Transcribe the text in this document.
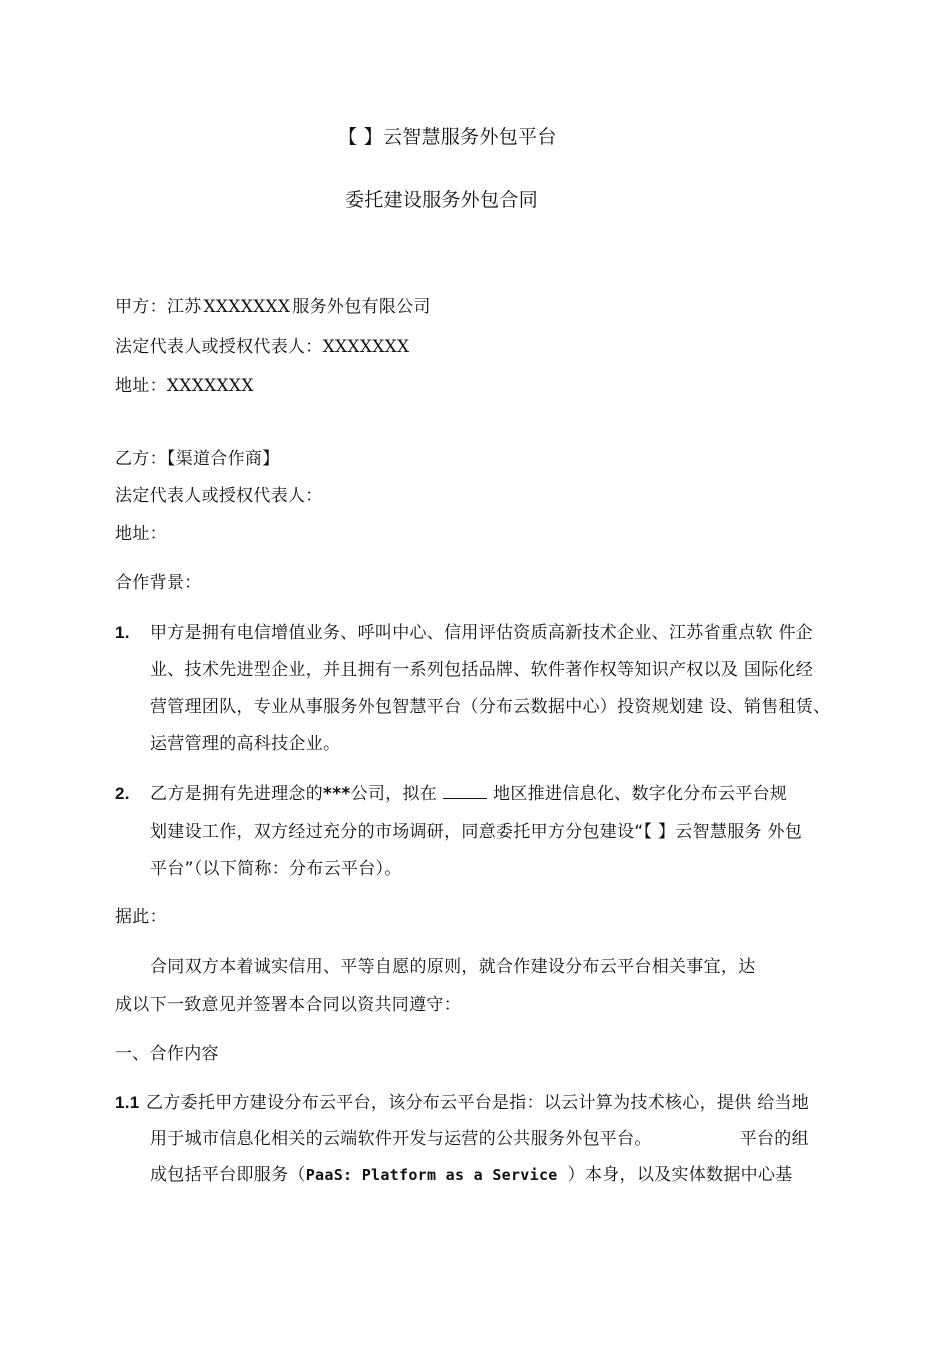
【 】云智慧服务外包平台
委托建设服务外包合同
甲方：江苏 XXXXXXX 服务外包有限公司
法定代表人或授权代表人：XXXXXXX
地址：XXXXXXX
乙方：【渠道合作商】
法定代表人或授权代表人：
地址：
合作背景：
1. 甲方是拥有电信增值业务、呼叫中心、信用评估资质高新技术企业、江苏省重点软 件企
业、技术先进型企业，并且拥有一系列包括品牌、软件著作权等知识产权以及 国际化经
营管理团队，专业从事服务外包智慧平台（分布云数据中心）投资规划建 设、销售租赁、
运营管理的高科技企业。
2. 乙方是拥有先进理念的***公司，拟在	地区推进信息化、数字化分布云平台规
划建设工作，双方经过充分的市场调研，同意委托甲方分包建设“【 】云智慧服务 外包
平台”（以下简称：分布云平台）。
据此：
合同双方本着诚实信用、平等自愿的原则，就合作建设分布云平台相关事宜，达
成以下一致意见并签署本合同以资共同遵守：
一、合作内容
1.1 乙方委托甲方建设分布云平台，该分布云平台是指：以云计算为技术核心，提供 给当地
用于城市信息化相关的云端软件开发与运营的公共服务外包平台。	平台的组
成包括平台即服务（PaaS: Platform as a Service ）本身，以及实体数据中心基
